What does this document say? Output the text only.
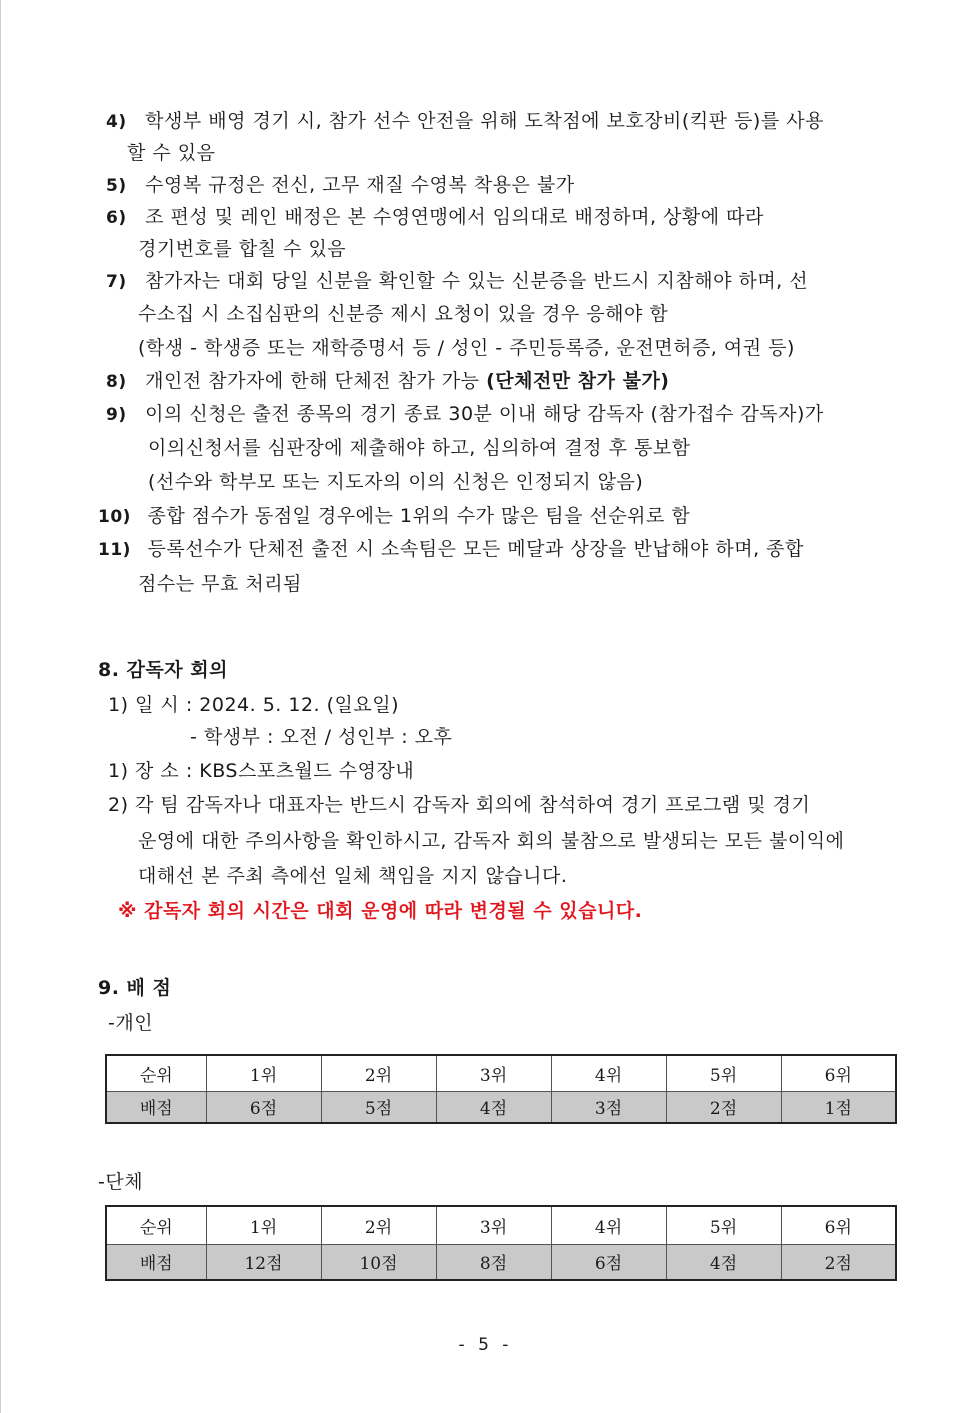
4) 학생부 배영 경기 시, 참가 선수 안전을 위해 도착점에 보호장비(킥판 등)를 사용
할 수 있음
5) 수영복 규정은 전신, 고무 재질 수영복 착용은 불가
6) 조 편성 및 레인 배정은 본 수영연맹에서 임의대로 배정하며, 상황에 따라
경기번호를 합칠 수 있음
7) 참가자는 대회 당일 신분을 확인할 수 있는 신분증을 반드시 지참해야 하며, 선
수소집 시 소집심판의 신분증 제시 요청이 있을 경우 응해야 함
(학생 - 학생증 또는 재학증명서 등 / 성인 - 주민등록증, 운전면허증, 여권 등)
8) 개인전 참가자에 한해 단체전 참가 가능 (단체전만 참가 불가)
9) 이의 신청은 출전 종목의 경기 종료 30분 이내 해당 감독자 (참가접수 감독자)가
이의신청서를 심판장에 제출해야 하고, 심의하여 결정 후 통보함
(선수와 학부모 또는 지도자의 이의 신청은 인정되지 않음)
10) 종합 점수가 동점일 경우에는 1위의 수가 많은 팀을 선순위로 함
11) 등록선수가 단체전 출전 시 소속팀은 모든 메달과 상장을 반납해야 하며, 종합
점수는 무효 처리됨
8. 감독자 회의
1) 일 시 : 2024. 5. 12. (일요일)
- 학생부 : 오전 / 성인부 : 오후
1) 장 소 : KBS스포츠월드 수영장내
2) 각 팀 감독자나 대표자는 반드시 감독자 회의에 참석하여 경기 프로그램 및 경기
운영에 대한 주의사항을 확인하시고, 감독자 회의 불참으로 발생되는 모든 불이익에
대해선 본 주최 측에선 일체 책임을 지지 않습니다.
※ 감독자 회의 시간은 대회 운영에 따라 변경될 수 있습니다.
9. 배 점
-개인
순위	1위	2위	3위	4위	5위	6위
배점	6점	5점	4점	3점	2점	1점
-단체
순위	1위	2위	3위	4위	5위	6위
배점	12점	10점	8점	6점	4점	2점
- 5 -
